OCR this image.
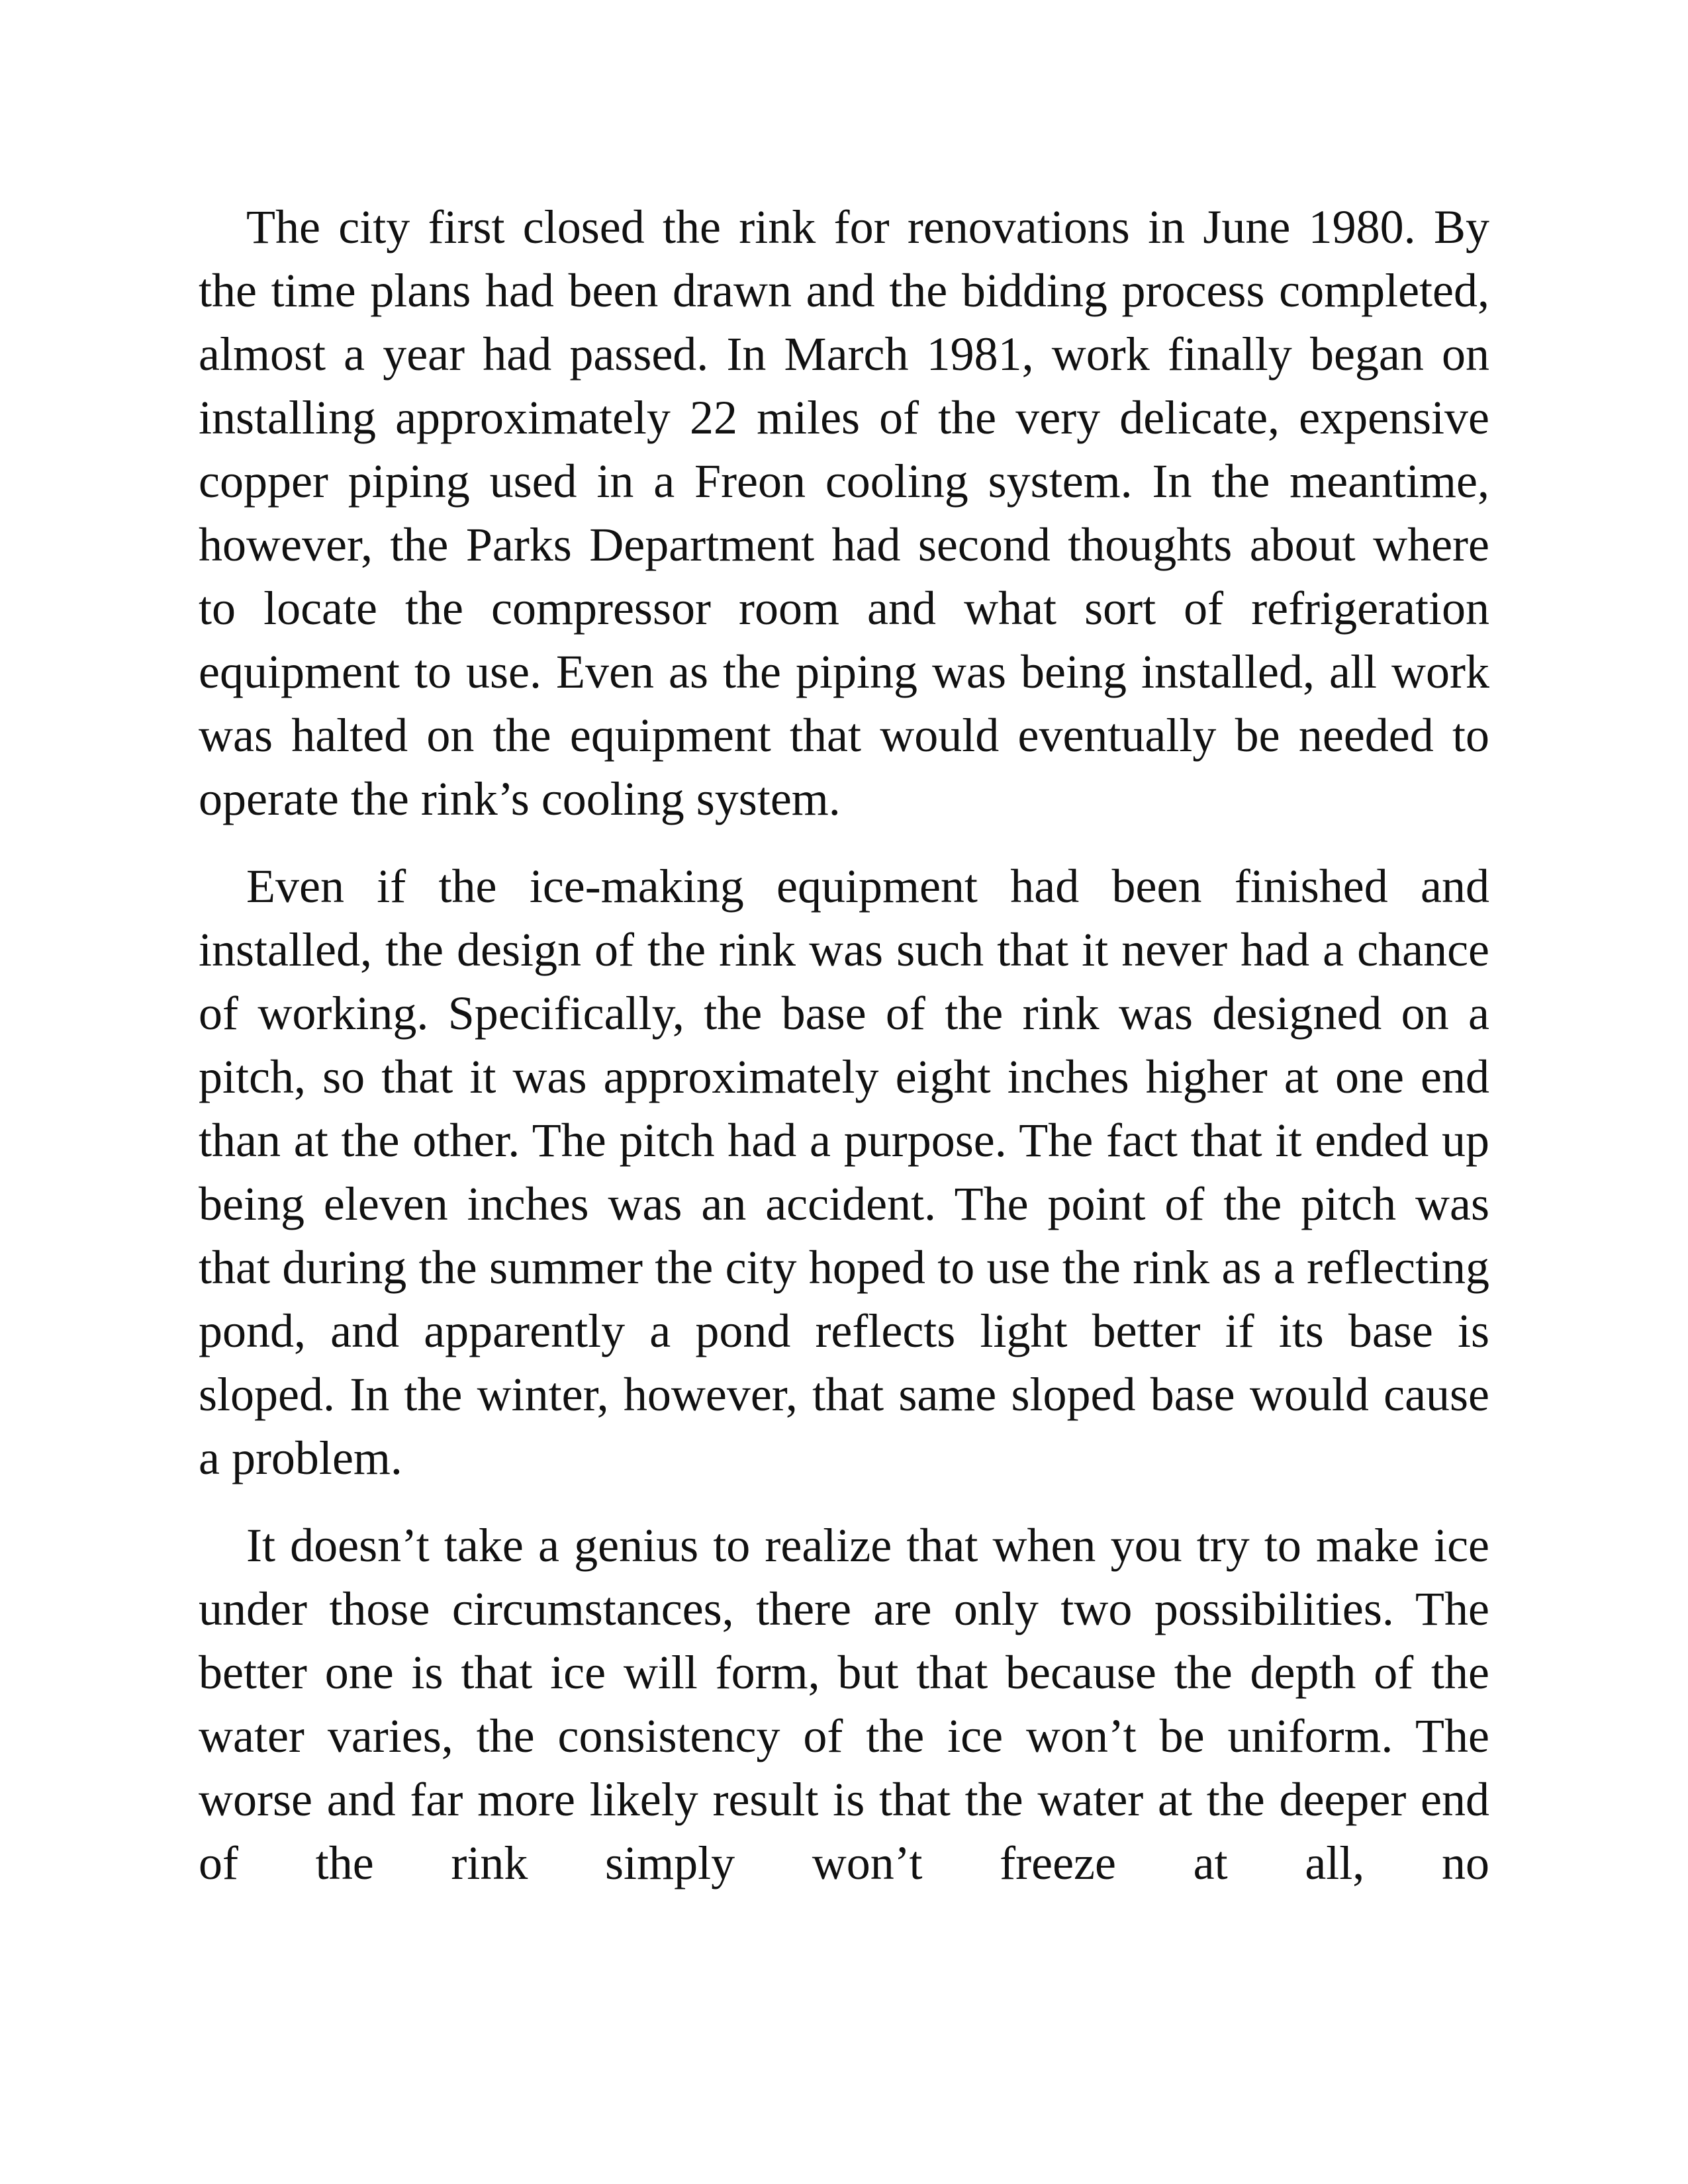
The city first closed the rink for renovations in June 1980. By the time plans had been drawn and the bidding process completed, almost a year had passed. In March 1981, work finally began on installing approximately 22 miles of the very delicate, expensive copper piping used in a Freon cooling system. In the meantime, however, the Parks Department had second thoughts about where to locate the compressor room and what sort of refrigeration equipment to use. Even as the piping was being installed, all work was halted on the equipment that would eventually be needed to operate the rink’s cooling system.

Even if the ice-making equipment had been finished and installed, the design of the rink was such that it never had a chance of working. Specifically, the base of the rink was designed on a pitch, so that it was approximately eight inches higher at one end than at the other. The pitch had a purpose. The fact that it ended up being eleven inches was an accident. The point of the pitch was that during the summer the city hoped to use the rink as a reflecting pond, and apparently a pond reflects light better if its base is sloped. In the winter, however, that same sloped base would cause a problem.

It doesn’t take a genius to realize that when you try to make ice under those circumstances, there are only two possibilities. The better one is that ice will form, but that because the depth of the water varies, the consistency of the ice won’t be uniform. The worse and far more likely result is that the water at the deeper end of the rink simply won’t freeze at all, no
